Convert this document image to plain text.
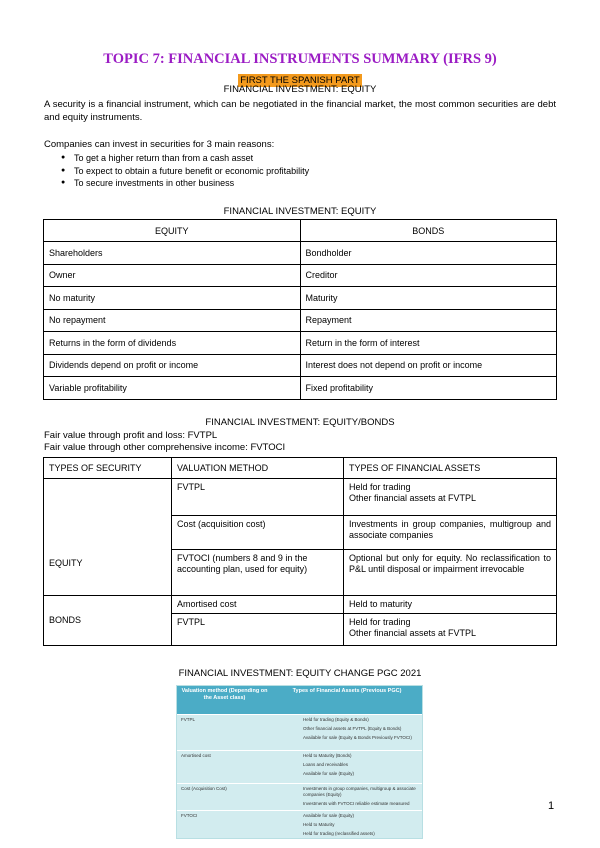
TOPIC 7: FINANCIAL INSTRUMENTS SUMMARY (IFRS 9)
FIRST THE SPANISH PART
FINANCIAL INVESTMENT: EQUITY
A security is a financial instrument, which can be negotiated in the financial market, the most common securities are debt and equity instruments.
Companies can invest in securities for 3 main reasons:
● To get a higher return than from a cash asset
● To expect to obtain a future benefit or economic profitability
● To secure investments in other business
FINANCIAL INVESTMENT: EQUITY
EQUITY	BONDS
Shareholders	Bondholder
Owner	Creditor
No maturity	Maturity
No repayment	Repayment
Returns in the form of dividends	Return in the form of interest
Dividends depend on profit or income	Interest does not depend on profit or income
Variable profitability	Fixed profitability
FINANCIAL INVESTMENT: EQUITY/BONDS
Fair value through profit and loss: FVTPL
Fair value through other comprehensive income: FVTOCI
TYPES OF SECURITY	VALUATION METHOD	TYPES OF FINANCIAL ASSETS
EQUITY	FVTPL	Held for trading
Other financial assets at FVTPL
	Cost (acquisition cost)	Investments in group companies, multigroup and associate companies
	FVTOCI (numbers 8 and 9 in the accounting plan, used for equity)	Optional but only for equity. No reclassification to P&L until disposal or impairment irrevocable
BONDS	Amortised cost	Held to maturity
	FVTPL	Held for trading
Other financial assets at FVTPL
FINANCIAL INVESTMENT: EQUITY CHANGE PGC 2021
Valuation method (Depending on the Asset class)
Types of Financial Assets (Previous PGC)
FVTPL	Held for trading (Equity & Bonds)
Other financial assets at FVTPL (Equity & Bonds)
Available for sale (Equity & Bonds Previously FVTOCI)
Amortised cost	Held to Maturity (Bonds)
Loans and receivables
Available for sale (Equity)
Cost (Acquisition Cost)	Investments in group companies, multigroup & associate companies (Equity)
Investments with FVTOCI reliable estimate measured
FVTOCI	Available for sale (Equity)
Held to Maturity
Held for trading (reclassified assets)
1
